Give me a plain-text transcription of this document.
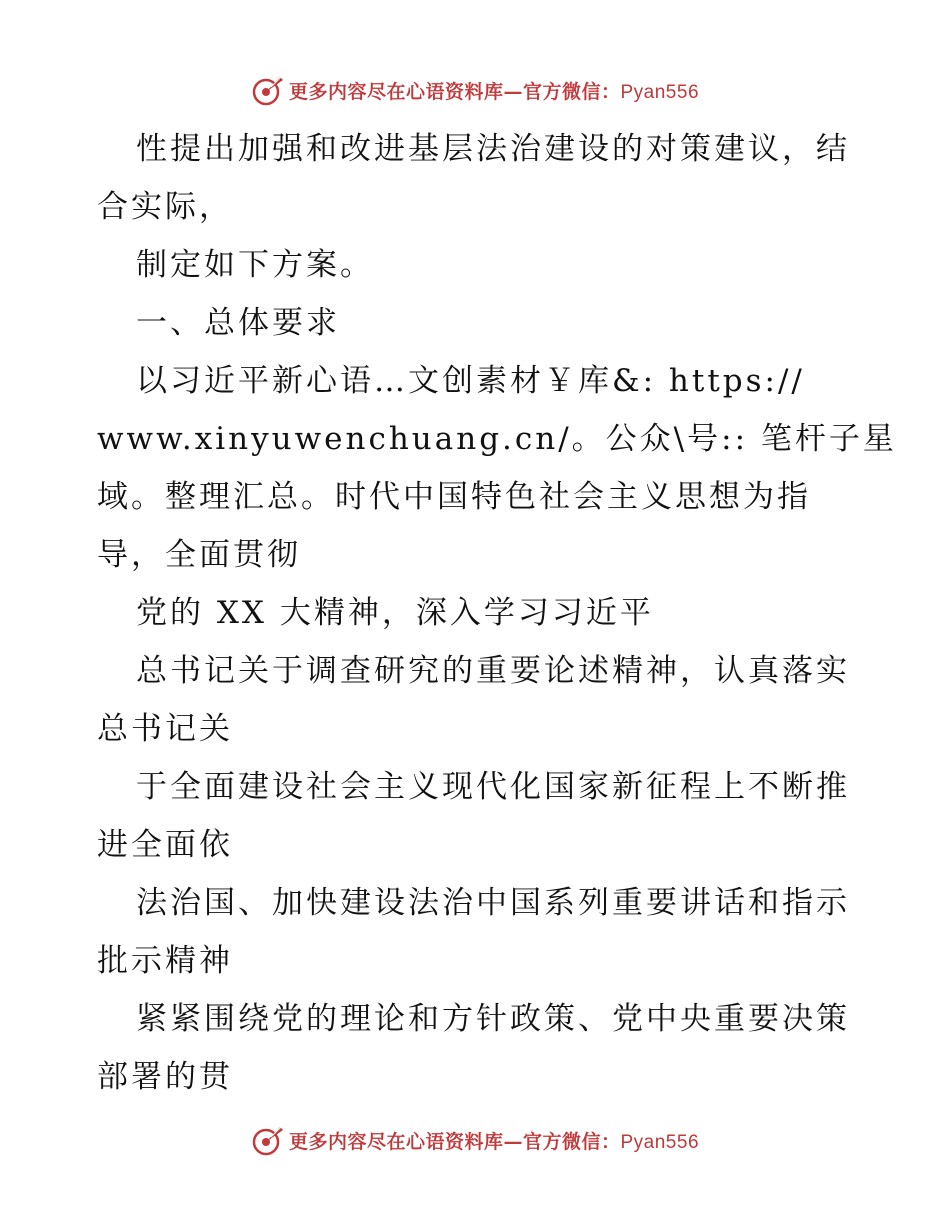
更多内容尽在心语资料库—官方微信：Pyan556
性提出加强和改进基层法治建设的对策建议，结
合实际，
制定如下方案。
一、总体要求
以习近平新心语…文创素材￥库&: https://
www.xinyuwenchuang.cn/。公众\号:: 笔杆子星
域。整理汇总。时代中国特色社会主义思想为指
导，全面贯彻
党的 XX 大精神，深入学习习近平
总书记关于调查研究的重要论述精神，认真落实
总书记关
于全面建设社会主义现代化国家新征程上不断推
进全面依
法治国、加快建设法治中国系列重要讲话和指示
批示精神
紧紧围绕党的理论和方针政策、党中央重要决策
部署的贯
更多内容尽在心语资料库—官方微信：Pyan556
